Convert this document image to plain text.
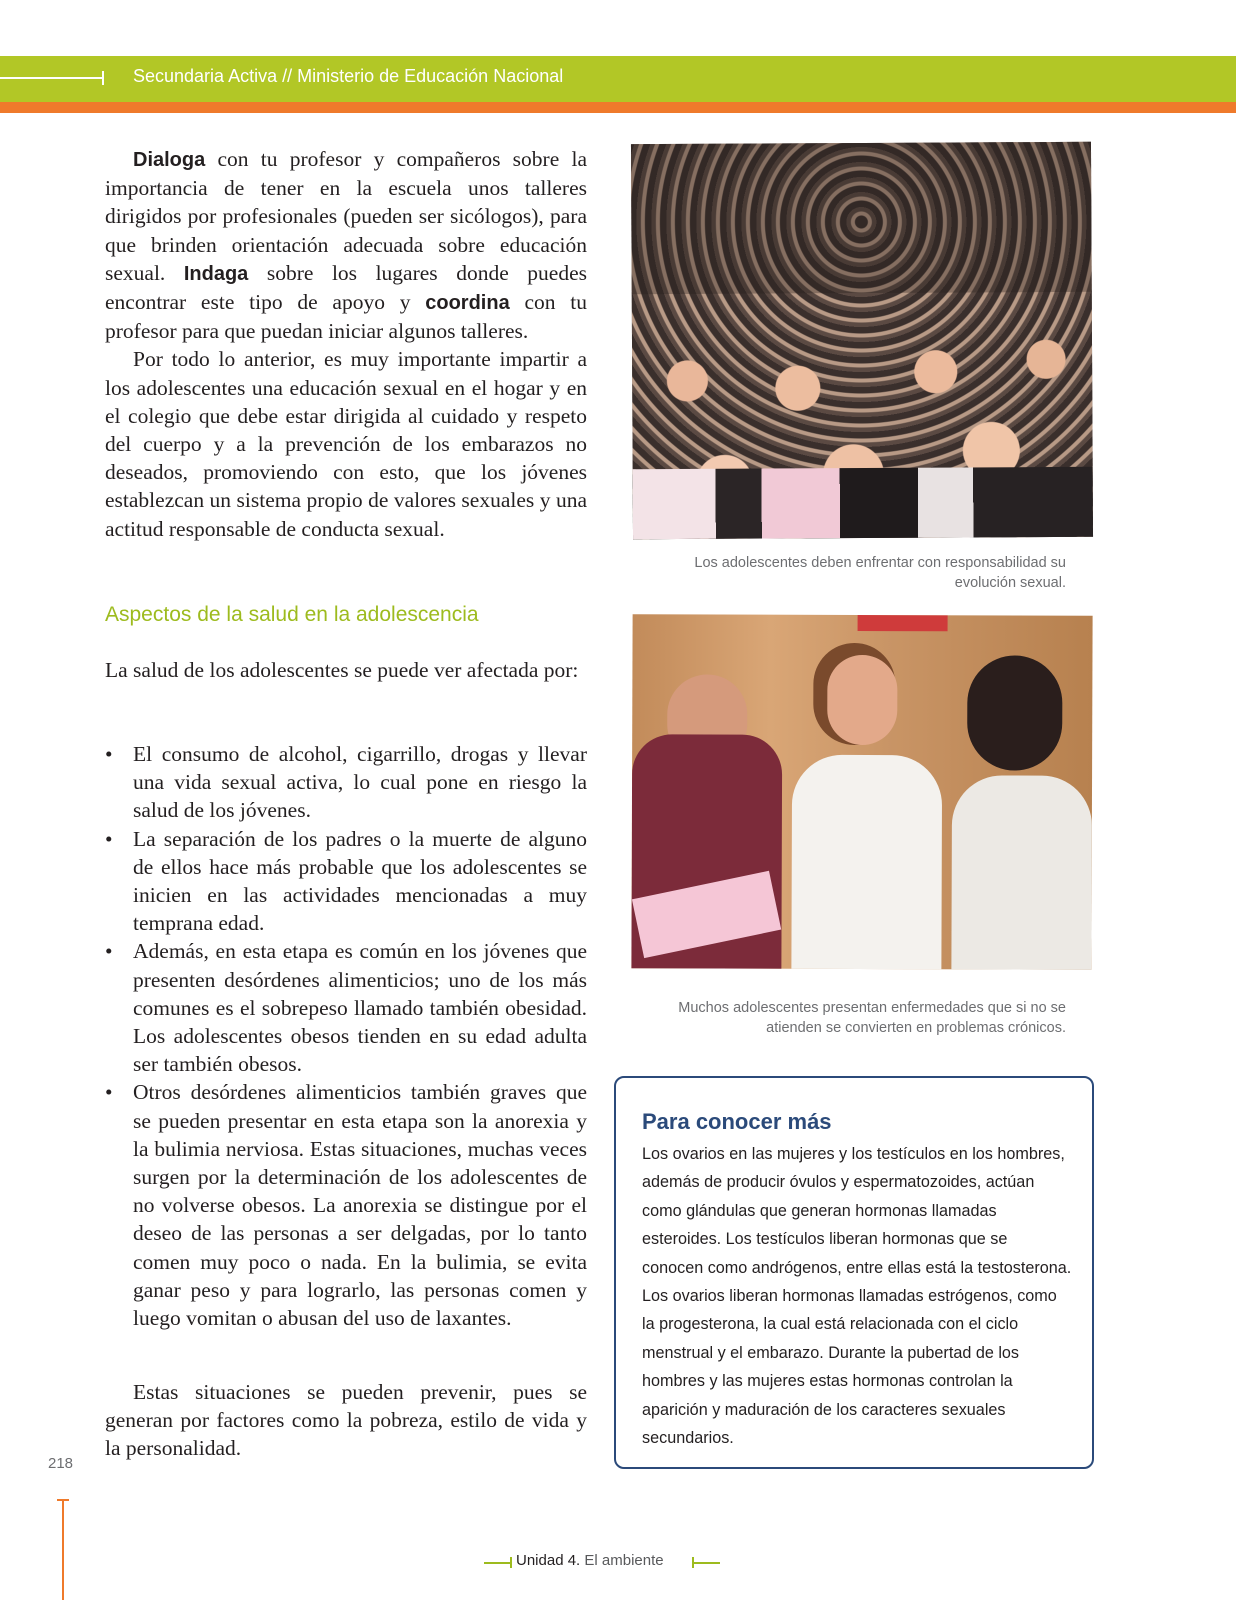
Secundaria Activa // Ministerio de Educación Nacional

Dialoga con tu profesor y compañeros sobre la importancia de tener en la escuela unos talleres dirigidos por profesionales (pueden ser sicólogos), para que brinden orientación adecuada sobre educación sexual. Indaga sobre los lugares donde puedes encontrar este tipo de apoyo y coordina con tu profesor para que puedan iniciar algunos talleres.

Por todo lo anterior, es muy importante impartir a los adolescentes una educación sexual en el hogar y en el colegio que debe estar dirigida al cuidado y respeto del cuerpo y a la prevención de los embarazos no deseados, promoviendo con esto, que los jóvenes establezcan un sistema propio de valores sexuales y una actitud responsable de conducta sexual.

Aspectos de la salud en la adolescencia

La salud de los adolescentes se puede ver afectada por:

• El consumo de alcohol, cigarrillo, drogas y llevar una vida sexual activa, lo cual pone en riesgo la salud de los jóvenes.
• La separación de los padres o la muerte de alguno de ellos hace más probable que los adolescentes se inicien en las actividades mencionadas a muy temprana edad.
• Además, en esta etapa es común en los jóvenes que presenten desórdenes alimenticios; uno de los más comunes es el sobrepeso llamado también obesidad. Los adolescentes obesos tienden en su edad adulta ser también obesos.
• Otros desórdenes alimenticios también graves que se pueden presentar en esta etapa son la anorexia y la bulimia nerviosa. Estas situaciones, muchas veces surgen por la determinación de los adolescentes de no volverse obesos. La anorexia se distingue por el deseo de las personas a ser delgadas, por lo tanto comen muy poco o nada. En la bulimia, se evita ganar peso y para lograrlo, las personas comen y luego vomitan o abusan del uso de laxantes.

Estas situaciones se pueden prevenir, pues se generan por factores como la pobreza, estilo de vida y la personalidad.

Los adolescentes deben enfrentar con responsabilidad su evolución sexual.
Muchos adolescentes presentan enfermedades que si no se atienden se convierten en problemas crónicos.
Para conocer más
Los ovarios en las mujeres y los testículos en los hombres, además de producir óvulos y espermatozoides, actúan como glándulas que generan hormonas llamadas esteroides. Los testículos liberan hormonas que se conocen como andrógenos, entre ellas está la testosterona. Los ovarios liberan hormonas llamadas estrógenos, como la progesterona, la cual está relacionada con el ciclo menstrual y el embarazo. Durante la pubertad de los hombres y las mujeres estas hormonas controlan la aparición y maduración de los caracteres sexuales secundarios.
218
Unidad 4. El ambiente
